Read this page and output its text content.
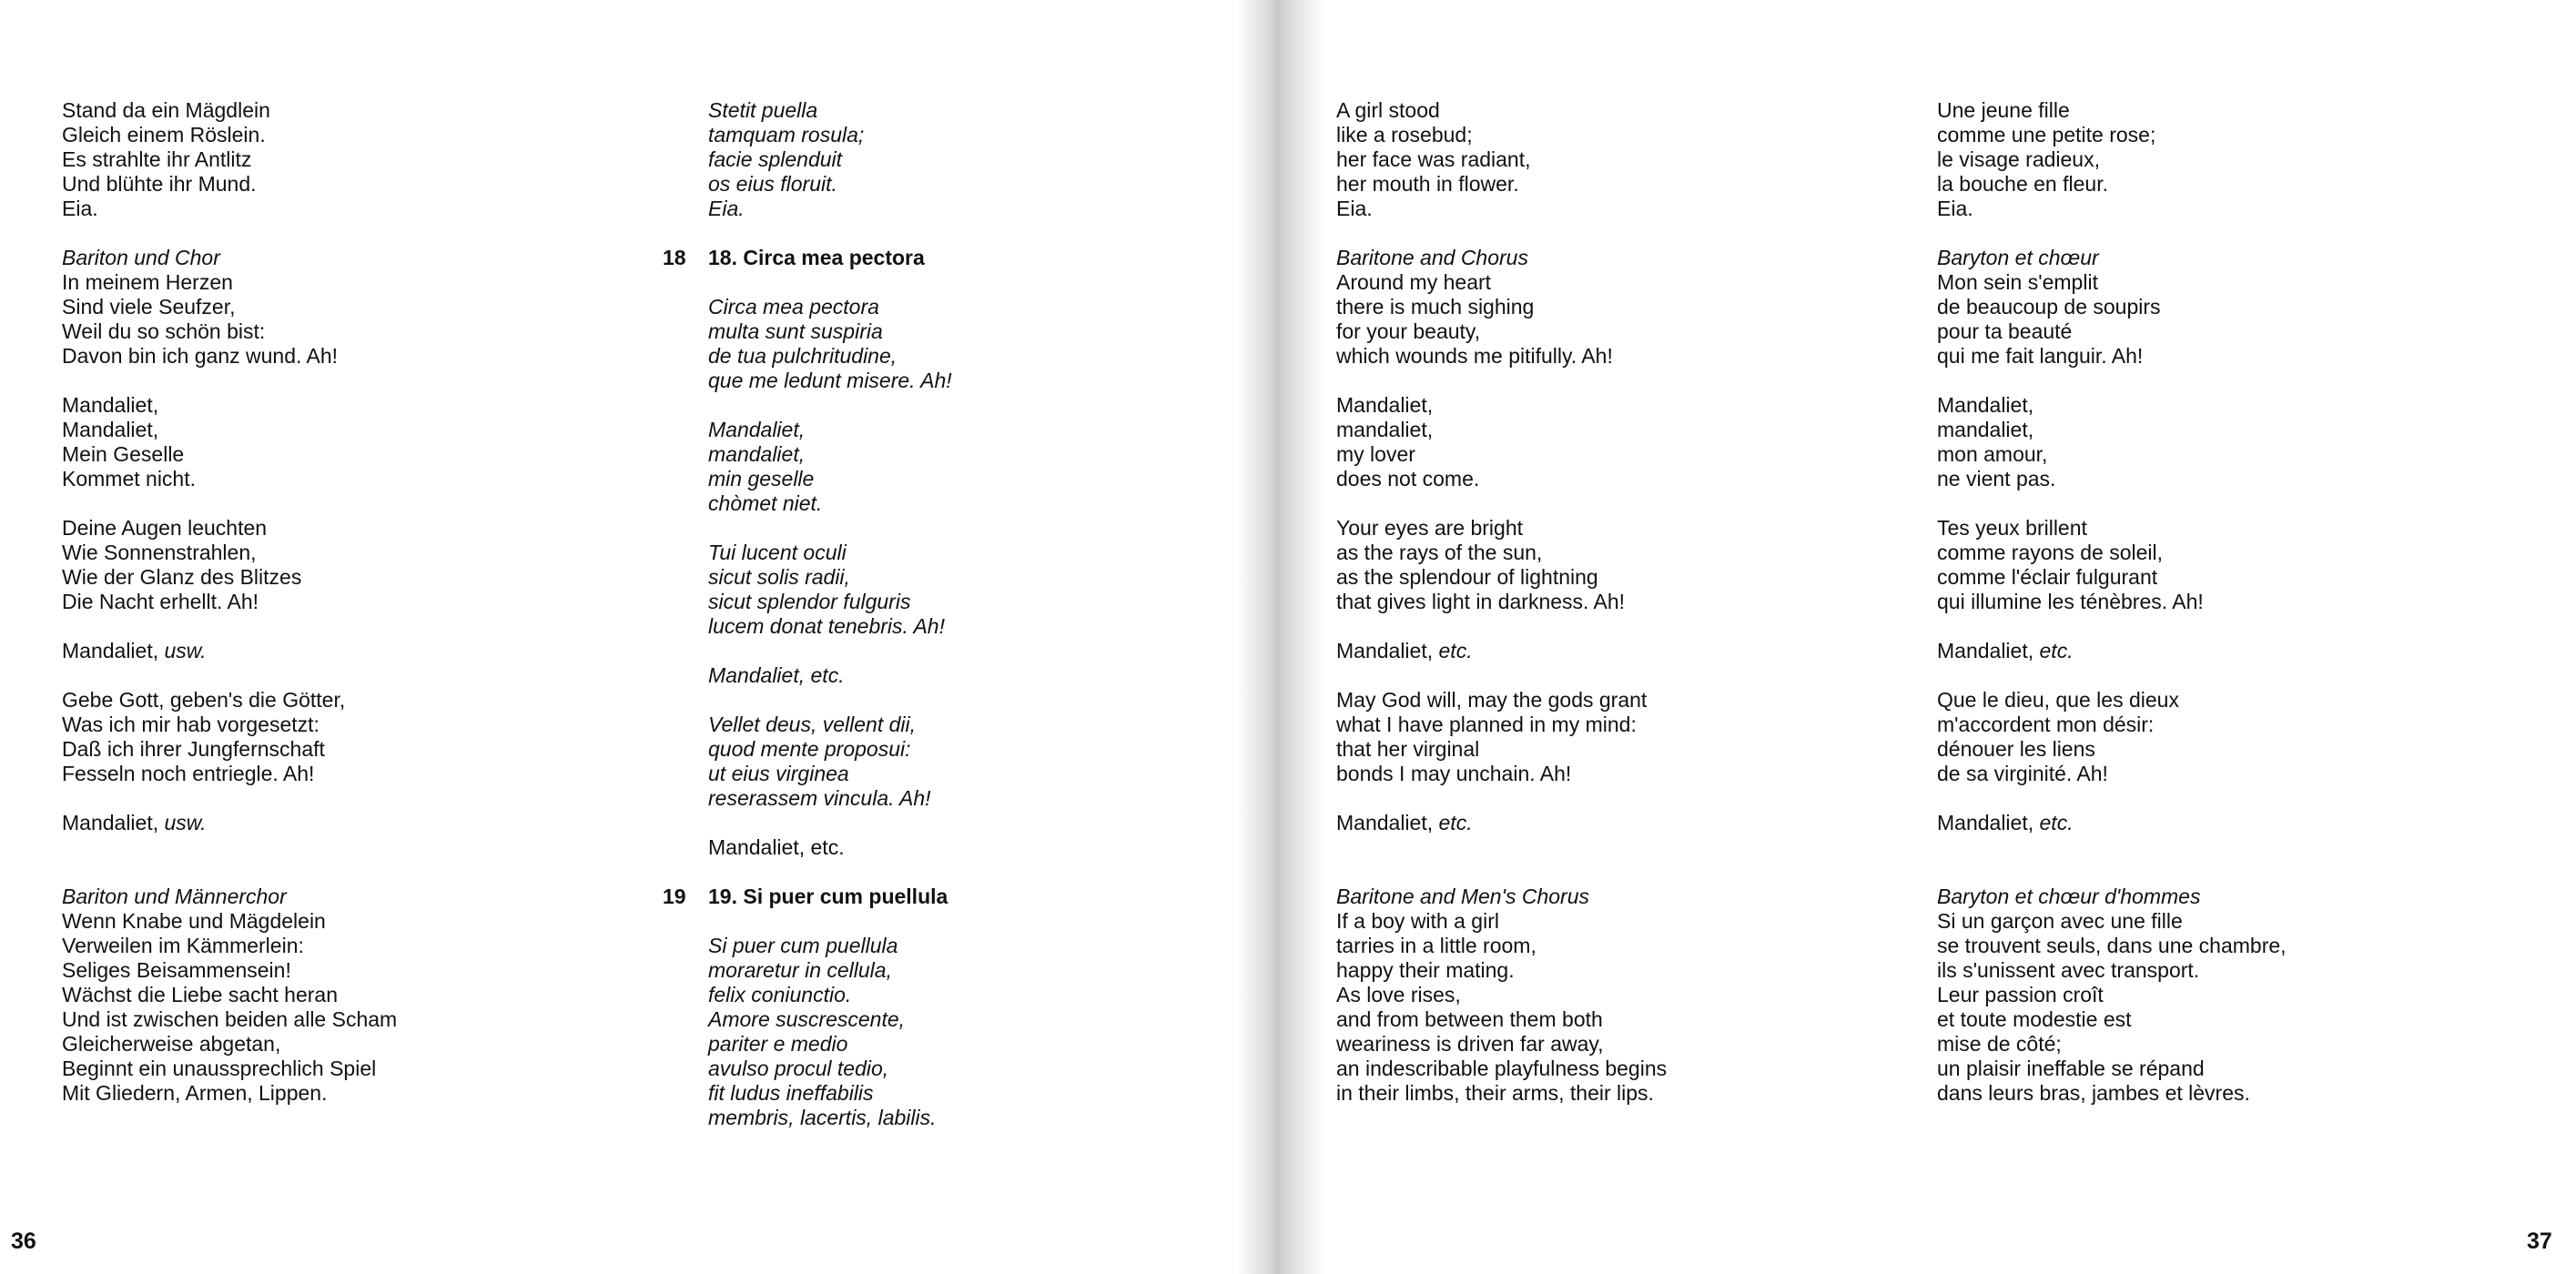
Stand da ein Mägdlein
Gleich einem Röslein.
Es strahlte ihr Antlitz
Und blühte ihr Mund.
Eia.
Bariton und Chor
In meinem Herzen
Sind viele Seufzer,
Weil du so schön bist:
Davon bin ich ganz wund. Ah!
Mandaliet,
Mandaliet,
Mein Geselle
Kommet nicht.
Deine Augen leuchten
Wie Sonnenstrahlen,
Wie der Glanz des Blitzes
Die Nacht erhellt. Ah!
Mandaliet, usw.
Gebe Gott, geben's die Götter,
Was ich mir hab vorgesetzt:
Daß ich ihrer Jungfernschaft
Fesseln noch entriegle. Ah!
Mandaliet, usw.
Bariton und Männerchor
Wenn Knabe und Mägdelein
Verweilen im Kämmerlein:
Seliges Beisammensein!
Wächst die Liebe sacht heran
Und ist zwischen beiden alle Scham
Gleicherweise abgetan,
Beginnt ein unaussprechlich Spiel
Mit Gliedern, Armen, Lippen.
Stetit puella
tamquam rosula;
facie splenduit
os eius floruit.
Eia.
18 18. Circa mea pectora
Circa mea pectora
multa sunt suspiria
de tua pulchritudine,
que me ledunt misere. Ah!
Mandaliet,
mandaliet,
min geselle
chòmet niet.
Tui lucent oculi
sicut solis radii,
sicut splendor fulguris
lucem donat tenebris. Ah!
Mandaliet, etc.
Vellet deus, vellent dii,
quod mente proposui:
ut eius virginea
reserassem vincula. Ah!
Mandaliet, etc.
19 19. Si puer cum puellula
Si puer cum puellula
moraretur in cellula,
felix coniunctio.
Amore suscrescente,
pariter e medio
avulso procul tedio,
fit ludus ineffabilis
membris, lacertis, labilis.
A girl stood
like a rosebud;
her face was radiant,
her mouth in flower.
Eia.
Baritone and Chorus
Around my heart
there is much sighing
for your beauty,
which wounds me pitifully. Ah!
Mandaliet,
mandaliet,
my lover
does not come.
Your eyes are bright
as the rays of the sun,
as the splendour of lightning
that gives light in darkness. Ah!
Mandaliet, etc.
May God will, may the gods grant
what I have planned in my mind:
that her virginal
bonds I may unchain. Ah!
Mandaliet, etc.
Baritone and Men's Chorus
If a boy with a girl
tarries in a little room,
happy their mating.
As love rises,
and from between them both
weariness is driven far away,
an indescribable playfulness begins
in their limbs, their arms, their lips.
Une jeune fille
comme une petite rose;
le visage radieux,
la bouche en fleur.
Eia.
Baryton et chœur
Mon sein s'emplit
de beaucoup de soupirs
pour ta beauté
qui me fait languir. Ah!
Mandaliet,
mandaliet,
mon amour,
ne vient pas.
Tes yeux brillent
comme rayons de soleil,
comme l'éclair fulgurant
qui illumine les ténèbres. Ah!
Mandaliet, etc.
Que le dieu, que les dieux
m'accordent mon désir:
dénouer les liens
de sa virginité. Ah!
Mandaliet, etc.
Baryton et chœur d'hommes
Si un garçon avec une fille
se trouvent seuls, dans une chambre,
ils s'unissent avec transport.
Leur passion croît
et toute modestie est
mise de côté;
un plaisir ineffable se répand
dans leurs bras, jambes et lèvres.
36	37
